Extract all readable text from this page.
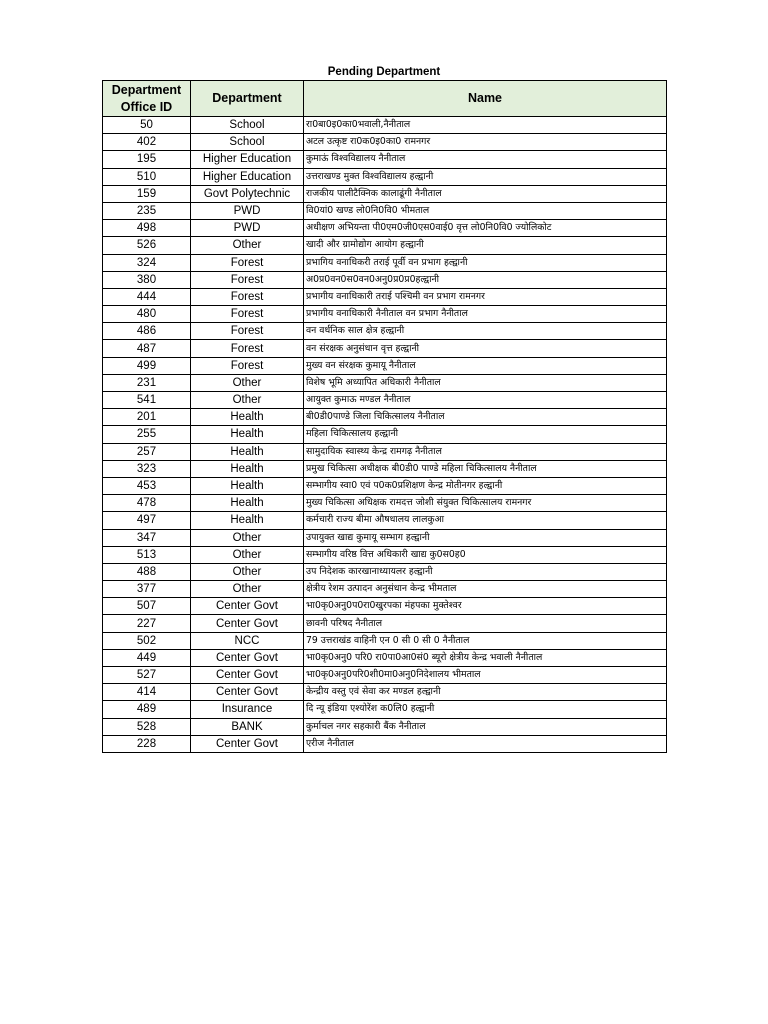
Pending Department
Department Office ID	Department	Name
50	School	रा0बा0इ0का0भवाली,नैनीताल
402	School	अटल उत्कृष्ट रा0क0इ0का0 रामनगर
195	Higher Education	कुमाऊं विश्वविद्यालय नैनीताल
510	Higher Education	उत्तराखण्ड मुक्त विश्वविद्यालय हल्द्वानी
159	Govt Polytechnic	राजकीय पालीटैक्निक कालाढूंगी नैनीताल
235	PWD	वि0यां0 खण्ड लो0नि0वि0 भीमताल
498	PWD	अधीक्षण अभियन्ता पी0एम0जी0एस0वाई0 वृत्त लो0नि0वि0 ज्योलिकोट
526	Other	खादी और ग्रामोद्योग आयोग हल्द्वानी
324	Forest	प्रभागिय वनाधिकरी तराई पूर्वी वन प्रभाग हल्द्वानी
380	Forest	अ0प्र0वन0स0वन0अनु0प्र0प्र0हल्द्वानी
444	Forest	प्रभागीय वनाधिकारी तराई पश्चिमी वन प्रभाग रामनगर
480	Forest	प्रभागीय वनाधिकारी नैनीताल वन प्रभाग नैनीताल
486	Forest	वन वर्धनिक साल क्षेत्र हल्द्वानी
487	Forest	वन संरक्षक अनुसंधान वृत्त हल्द्वानी
499	Forest	मुख्य वन संरक्षक कुमायू नैनीताल
231	Other	विशेष भूमि अध्यापित अधिकारी नैनीताल
541	Other	आयुक्त कुमाऊ मण्डल नैनीताल
201	Health	बी0डी0पाण्डे जिला चिकित्सालय नैनीताल
255	Health	महिला चिकित्सालय हल्द्वानी
257	Health	सामुदायिक स्वास्थ्य केन्द्र रामगढ़ नैनीताल
323	Health	प्रमुख चिकित्सा अधीक्षक बी0डी0 पाण्डे महिला चिकित्सालय नैनीताल
453	Health	सम्भागीय स्वा0 एवं प0क0प्रशिक्षण केन्द्र मोतीनगर हल्द्वानी
478	Health	मुख्य चिकित्सा अधिक्षक रामदत्त जोशी संयुक्त चिकित्सालय रामनगर
497	Health	कर्मचारी राज्य बीमा औषधालय लालकुआ
347	Other	उपायुक्त खाद्य कुमायू सम्भाग हल्द्वानी
513	Other	सम्भागीय वरिष्ठ वित्त अधिकारी खाद्य कु0स0ह0
488	Other	उप निदेशक कारखानाध्यायलर हल्द्वानी
377	Other	क्षेत्रीय रेशम उत्पादन अनुसंधान केन्द्र भीमताल
507	Center Govt	भा0कृ0अनु0प0रा0खुरपका मंहपका मुक्तेश्वर
227	Center Govt	छावनी परिषद नैनीताल
502	NCC	79 उत्तराखंड वाहिनी एन 0 सी 0 सी 0 नैनीताल
449	Center Govt	भा0कृ0अनु0 परि0 रा0पा0आ0सं0 ब्यूरो क्षेत्रीय केन्द्र भवाली नैनीताल
527	Center Govt	भा0कृ0अनु0परि0शी0मा0अनु0निदेशालय भीमताल
414	Center Govt	केन्द्रीय वस्तु एवं सेवा कर मण्डल हल्द्वानी
489	Insurance	दि न्यू इंडिया एश्योरेंश क0लि0 हल्द्वानी
528	BANK	कुर्माचल नगर सहकारी बैंक नैनीताल
228	Center Govt	एरीज नैनीताल
